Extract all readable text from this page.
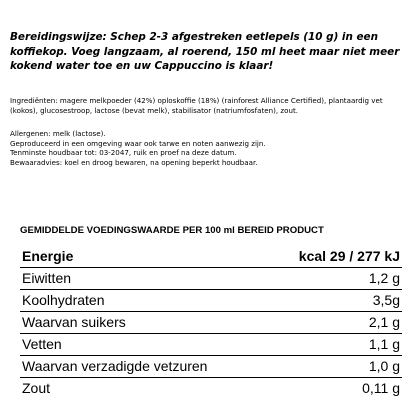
Bereidingswijze: Schep 2-3 afgestreken eetlepels (10 g) in een koffiekop. Voeg langzaam, al roerend, 150 ml heet maar niet meer kokend water toe en uw Cappuccino is klaar!

Ingrediënten: magere melkpoeder (42%) oploskoffie (18%) (rainforest Alliance Certified), plantaardig vet (kokos), glucosestroop, lactose (bevat melk), stabilisator (natriumfosfaten), zout.

Allergenen: melk (lactose).

Geproduceerd in een omgeving waar ook tarwe en noten aanwezig zijn.

Tenminste houdbaar tot: 03-2047, ruik en proef na deze datum.

Bewaaradvies: koel en droog bewaren, na opening beperkt houdbaar.

GEMIDDELDE VOEDINGSWAARDE PER 100 ml BEREID PRODUCT

Energie	kcal 29 / 277 kJ
Eiwitten	1,2 g
Koolhydraten	3,5g
Waarvan suikers	2,1 g
Vetten	1,1 g
Waarvan verzadigde vetzuren	1,0 g
Zout	0,11 g
